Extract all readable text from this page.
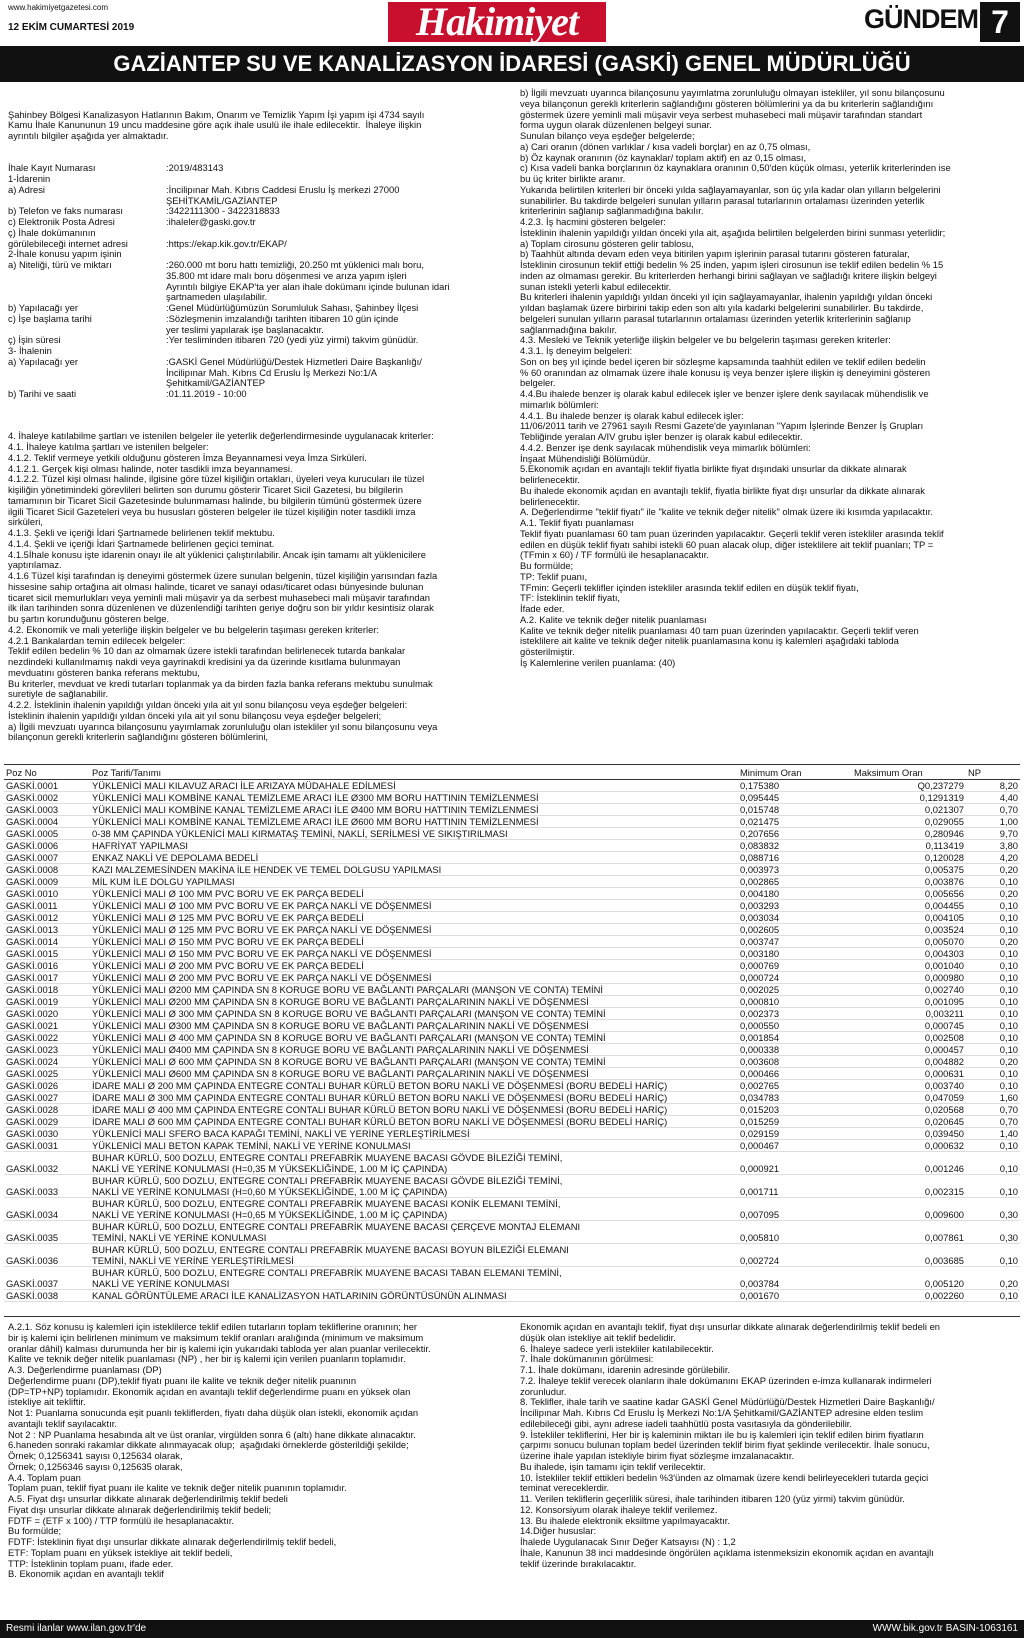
www.hakimiyetgazetesi.com
12 EKİM CUMARTESİ 2019	Hakimiyet	GÜNDEM 7
GAZİANTEP SU VE KANALİZASYON İDARESİ (GASKİ) GENEL MÜDÜRLÜĞÜ

Şahinbey Bölgesi Kanalizasyon Hatlarının Bakım, Onarım ve Temizlik Yapım İşi yapım işi 4734 sayılı
Kamu İhale Kanununun 19 uncu maddesine göre açık ihale usulü ile ihale edilecektir.  İhaleye ilişkin
ayrıntılı bilgiler aşağıda yer almaktadır.

İhale Kayıt Numarası	:2019/483143
1-İdarenin
a) Adresi	:İncilipınar Mah. Kıbrıs Caddesi Eruslu İş merkezi 27000
ŞEHİTKAMİL/GAZİANTEP
b) Telefon ve faks numarası	:3422111300 - 3422318833
c) Elektronik Posta Adresi	:ihaleler@gaski.gov.tr
ç) İhale dokümanının
görülebileceği internet adresi	:https://ekap.kik.gov.tr/EKAP/
2-İhale konusu yapım işinin
a) Niteliği, türü ve miktarı	:260.000 mt boru hattı temizliği, 20.250 mt yüklenici malı boru,
35.800 mt idare malı boru döşenmesi ve arıza yapım işleri
Ayrıntılı bilgiye EKAP'ta yer alan ihale dokümanı içinde bulunan idari
şartnameden ulaşılabilir.
b) Yapılacağı yer	:Genel Müdürlüğümüzün Sorumluluk Sahası, Şahinbey İlçesi
c) İşe başlama tarihi	:Sözleşmenin imzalandığı tarihten itibaren 10 gün içinde
yer teslimi yapılarak işe başlanacaktır.
ç) İşin süresi	:Yer tesliminden itibaren 720 (yedi yüz yirmi) takvim günüdür.
3- İhalenin
a) Yapılacağı yer	:GASKİ Genel Müdürlüğü/Destek Hizmetleri Daire Başkanlığı/
İncilipınar Mah. Kıbrıs Cd Eruslu İş Merkezi No:1/A
Şehitkamil/GAZİANTEP
b) Tarihi ve saati	:01.11.2019 - 10:00

4. İhaleye katılabilme şartları ve istenilen belgeler ile yeterlik değerlendirmesinde uygulanacak kriterler:
4.1. İhaleye katılma şartları ve istenilen belgeler:
4.1.2. Teklif vermeye yetkili olduğunu gösteren İmza Beyannamesi veya İmza Sirküleri.
4.1.2.1. Gerçek kişi olması halinde, noter tasdikli imza beyannamesi.
4.1.2.2. Tüzel kişi olması halinde, ilgisine göre tüzel kişiliğin ortakları, üyeleri veya kurucuları ile tüzel
kişiliğin yönetimindeki görevlileri belirten son durumu gösterir Ticaret Sicil Gazetesi, bu bilgilerin
tamamının bir Ticaret Sicil Gazetesinde bulunmaması halinde, bu bilgilerin tümünü göstermek üzere
ilgili Ticaret Sicil Gazeteleri veya bu hususları gösteren belgeler ile tüzel kişiliğin noter tasdikli imza
sirküleri,
4.1.3. Şekli ve içeriği İdari Şartnamede belirlenen teklif mektubu.
4.1.4. Şekli ve içeriği İdari Şartnamede belirlenen geçici teminat.
4.1.5İhale konusu işte idarenin onayı ile alt yüklenici çalıştırılabilir. Ancak işin tamamı alt yüklenicilere
yaptırılamaz.
4.1.6 Tüzel kişi tarafından iş deneyimi göstermek üzere sunulan belgenin, tüzel kişiliğin yarısından fazla
hissesine sahip ortağına ait olması halinde, ticaret ve sanayi odası/ticaret odası bünyesinde bulunan
ticaret sicil memurlukları veya yeminli mali müşavir ya da serbest muhasebeci mali müşavir tarafından
ilk ilan tarihinden sonra düzenlenen ve düzenlendiği tarihten geriye doğru son bir yıldır kesintisiz olarak
bu şartın korunduğunu gösteren belge.
4.2. Ekonomik ve mali yeterliğe ilişkin belgeler ve bu belgelerin taşıması gereken kriterler:
4.2.1 Bankalardan temin edilecek belgeler:
Teklif edilen bedelin % 10 dan az olmamak üzere istekli tarafından belirlenecek tutarda bankalar
nezdindeki kullanılmamış nakdi veya gayrinakdi kredisini ya da üzerinde kısıtlama bulunmayan
mevduatını gösteren banka referans mektubu,
Bu kriterler, mevduat ve kredi tutarları toplanmak ya da birden fazla banka referans mektubu sunulmak
suretiyle de sağlanabilir.
4.2.2. İsteklinin ihalenin yapıldığı yıldan önceki yıla ait yıl sonu bilançosu veya eşdeğer belgeleri:
İsteklinin ihalenin yapıldığı yıldan önceki yıla ait yıl sonu bilançosu veya eşdeğer belgeleri;
a) İlgili mevzuatı uyarınca bilançosunu yayımlamak zorunluluğu olan istekliler yıl sonu bilançosunu veya
bilançonun gerekli kriterlerin sağlandığını gösteren bölümlerini,

b) İlgili mevzuatı uyarınca bilançosunu yayımlatma zorunluluğu olmayan istekliler, yıl sonu bilançosunu
veya bilançonun gerekli kriterlerin sağlandığını gösteren bölümlerini ya da bu kriterlerin sağlandığını
göstermek üzere yeminli mali müşavir veya serbest muhasebeci mali müşavir tarafından standart
forma uygun olarak düzenlenen belgeyi sunar.
Sunulan bilanço veya eşdeğer belgelerde;
a) Cari oranın (dönen varlıklar / kısa vadeli borçlar) en az 0,75 olması,
b) Öz kaynak oranının (öz kaynaklar/ toplam aktif) en az 0,15 olması,
c) Kısa vadeli banka borçlarının öz kaynaklara oranının 0,50'den küçük olması, yeterlik kriterlerinden ise
bu üç kriter birlikte aranır.
Yukarıda belirtilen kriterleri bir önceki yılda sağlayamayanlar, son üç yıla kadar olan yılların belgelerini
sunabilirler. Bu takdirde belgeleri sunulan yılların parasal tutarlarının ortalaması üzerinden yeterlik
kriterlerinin sağlanıp sağlanmadığına bakılır.
4.2.3. İş hacmini gösteren belgeler:
İsteklinin ihalenin yapıldığı yıldan önceki yıla ait, aşağıda belirtilen belgelerden birini sunması yeterlidir;
a) Toplam cirosunu gösteren gelir tablosu,
b) Taahhüt altında devam eden veya bitirilen yapım işlerinin parasal tutarını gösteren faturalar,
İsteklinin cirosunun teklif ettiği bedelin % 25 inden, yapım işleri cirosunun ise teklif edilen bedelin % 15
inden az olmaması gerekir. Bu kriterlerden herhangi birini sağlayan ve sağladığı kritere ilişkin belgeyi
sunan istekli yeterli kabul edilecektir.
Bu kriterleri ihalenin yapıldığı yıldan önceki yıl için sağlayamayanlar, ihalenin yapıldığı yıldan önceki
yıldan başlamak üzere birbirini takip eden son altı yıla kadarki belgelerini sunabilirler. Bu takdirde,
belgeleri sunulan yılların parasal tutarlarının ortalaması üzerinden yeterlik kriterlerinin sağlanıp
sağlanmadığına bakılır.
4.3. Mesleki ve Teknik yeterliğe ilişkin belgeler ve bu belgelerin taşıması gereken kriterler:
4.3.1. İş deneyim belgeleri:
Son on beş yıl içinde bedel içeren bir sözleşme kapsamında taahhüt edilen ve teklif edilen bedelin
% 60 oranından az olmamak üzere ihale konusu iş veya benzer işlere ilişkin iş deneyimini gösteren
belgeler.
4.4.Bu ihalede benzer iş olarak kabul edilecek işler ve benzer işlere denk sayılacak mühendislik ve
mimarlık bölümleri:
4.4.1. Bu ihalede benzer iş olarak kabul edilecek işler:
11/06/2011 tarih ve 27961 sayılı Resmi Gazete'de yayınlanan "Yapım İşlerinde Benzer İş Grupları
Tebliğinde yeralan A/IV grubu işler benzer iş olarak kabul edilecektir.
4.4.2. Benzer işe denk sayılacak mühendislik veya mimarlık bölümleri:
İnşaat Mühendisliği Bölümüdür.
5.Ekonomik açıdan en avantajlı teklif fiyatla birlikte fiyat dışındaki unsurlar da dikkate alınarak
belirlenecektir.
Bu ihalede ekonomik açıdan en avantajlı teklif, fiyatla birlikte fiyat dışı unsurlar da dikkate alınarak
belirlenecektir.
A. Değerlendirme "teklif fiyatı" ile "kalite ve teknik değer nitelik" olmak üzere iki kısımda yapılacaktır.
A.1. Teklif fiyatı puanlaması
Teklif fiyatı puanlaması 60 tam puan üzerinden yapılacaktır. Geçerli teklif veren istekliler arasında teklif
edilen en düşük teklif fiyatı sahibi istekli 60 puan alacak olup, diğer isteklilere ait teklif puanları; TP =
(TFmin x 60) / TF formülü ile hesaplanacaktır.
Bu formülde;
TP: Teklif puanı,
TFmin: Geçerli teklifler içinden istekliler arasında teklif edilen en düşük teklif fiyatı,
TF: İsteklinin teklif fiyatı,
İfade eder.
A.2. Kalite ve teknik değer nitelik puanlaması
Kalite ve teknik değer nitelik puanlaması 40 tam puan üzerinden yapılacaktır. Geçerli teklif veren
isteklilere ait kalite ve teknik değer nitelik puanlamasına konu iş kalemleri aşağıdaki tabloda
gösterilmiştir.
İş Kalemlerine verilen puanlama: (40)
Poz No	Poz Tarifi/Tanımı	Minimum Oran	Maksimum Oran	NP
GASKİ.0001	YÜKLENİCİ MALI KILAVUZ ARACI İLE ARIZAYA MÜDAHALE EDİLMESİ	0,175380	Q0,237279	8,20
GASKİ.0002	YÜKLENİCİ MALI KOMBİNE KANAL TEMİZLEME ARACI İLE Ø300 MM BORU HATTININ TEMİZLENMESİ	0,095445	0,1291319	4,40
GASKİ.0003	YÜKLENİCİ MALI KOMBİNE KANAL TEMİZLEME ARACI İLE Ø400 MM BORU HATTININ TEMİZLENMESİ	0,015748	0,021307	0,70
GASKİ.0004	YÜKLENİCİ MALI KOMBİNE KANAL TEMİZLEME ARACI İLE Ø600 MM BORU HATTININ TEMİZLENMESİ	0,021475	0,029055	1,00
GASKİ.0005	0-38 MM ÇAPINDA YÜKLENİCİ MALI KIRMATAŞ TEMİNİ, NAKLİ, SERİLMESİ VE SIKIŞTIRILMASI	0,207656	0,280946	9,70
GASKİ.0006	HAFRİYAT YAPILMASI	0,083832	0,113419	3,80
GASKİ.0007	ENKAZ NAKLİ VE DEPOLAMA BEDELİ	0,088716	0,120028	4,20
GASKİ.0008	KAZI MALZEMESİNDEN MAKİNA İLE HENDEK VE TEMEL DOLGUSU YAPILMASI	0,003973	0,005375	0,20
GASKİ.0009	MİL KUM İLE DOLGU YAPILMASI	0,002865	0,003876	0,10
GASKİ.0010	YÜKLENİCİ MALI Ø 100 MM PVC BORU VE EK PARÇA BEDELİ	0,004180	0,005656	0,20
GASKİ.0011	YÜKLENİCİ MALI Ø 100 MM PVC BORU VE EK PARÇA NAKLİ VE DÖŞENMESİ	0,003293	0,004455	0,10
GASKİ.0012	YÜKLENİCİ MALI Ø 125 MM PVC BORU VE EK PARÇA BEDELİ	0,003034	0,004105	0,10
GASKİ.0013	YÜKLENİCİ MALI Ø 125 MM PVC BORU VE EK PARÇA NAKLİ VE DÖŞENMESİ	0,002605	0,003524	0,10
GASKİ.0014	YÜKLENİCİ MALI Ø 150 MM PVC BORU VE EK PARÇA BEDELİ	0,003747	0,005070	0,20
GASKİ.0015	YÜKLENİCİ MALI Ø 150 MM PVC BORU VE EK PARÇA NAKLİ VE DÖŞENMESİ	0,003180	0,004303	0,10
GASKİ.0016	YÜKLENİCİ MALI Ø 200 MM PVC BORU VE EK PARÇA BEDELİ	0,000769	0,001040	0,10
GASKİ.0017	YÜKLENİCİ MALI Ø 200 MM PVC BORU VE EK PARÇA NAKLİ VE DÖŞENMESİ	0,000724	0,000980	0,10
GASKİ.0018	YÜKLENİCİ MALI Ø200 MM ÇAPINDA SN 8 KORUGE BORU VE BAĞLANTI PARÇALARI (MANŞON VE CONTA) TEMİNİ	0,002025	0,002740	0,10
GASKİ.0019	YÜKLENİCİ MALI Ø200 MM ÇAPINDA SN 8 KORUGE BORU VE BAĞLANTI PARÇALARININ NAKLİ VE DÖŞENMESİ	0,000810	0,001095	0,10
GASKİ.0020	YÜKLENİCİ MALI Ø 300 MM ÇAPINDA SN 8 KORUGE BORU VE BAĞLANTI PARÇALARI (MANŞON VE CONTA) TEMİNİ	0,002373	0,003211	0,10
GASKİ.0021	YÜKLENİCİ MALI Ø300 MM ÇAPINDA SN 8 KORUGE BORU VE BAĞLANTI PARÇALARININ NAKLİ VE DÖŞENMESİ	0,000550	0,000745	0,10
GASKİ.0022	YÜKLENİCİ MALI Ø 400 MM ÇAPINDA SN 8 KORUGE BORU VE BAĞLANTI PARÇALARI (MANŞON VE CONTA) TEMİNİ	0,001854	0,002508	0,10
GASKİ.0023	YÜKLENİCİ MALI Ø400 MM ÇAPINDA SN 8 KORUGE BORU VE BAĞLANTI PARÇALARININ NAKLİ VE DÖŞENMESİ	0,000338	0,000457	0,10
GASKİ.0024	YÜKLENİCİ MALI Ø 600 MM ÇAPINDA SN 8 KORUGE BORU VE BAĞLANTI PARÇALARI (MANŞON VE CONTA) TEMİNİ	0,003608	0,004882	0,20
GASKİ.0025	YÜKLENİCİ MALI Ø600 MM ÇAPINDA SN 8 KORUGE BORU VE BAĞLANTI PARÇALARININ NAKLİ VE DÖŞENMESİ	0,000466	0,000631	0,10
GASKİ.0026	İDARE MALI Ø 200 MM ÇAPINDA ENTEGRE CONTALI BUHAR KÜRLÜ BETON BORU NAKLİ VE DÖŞENMESİ (BORU BEDELİ HARİÇ)	0,002765	0,003740	0,10
GASKİ.0027	İDARE MALI Ø 300 MM ÇAPINDA ENTEGRE CONTALI BUHAR KÜRLÜ BETON BORU NAKLİ VE DÖŞENMESİ (BORU BEDELİ HARİÇ)	0,034783	0,047059	1,60
GASKİ.0028	İDARE MALI Ø 400 MM ÇAPINDA ENTEGRE CONTALI BUHAR KÜRLÜ BETON BORU NAKLİ VE DÖŞENMESİ (BORU BEDELİ HARİÇ)	0,015203	0,020568	0,70
GASKİ.0029	İDARE MALI Ø 600 MM ÇAPINDA ENTEGRE CONTALI BUHAR KÜRLÜ BETON BORU NAKLİ VE DÖŞENMESİ (BORU BEDELİ HARİÇ)	0,015259	0,020645	0,70
GASKİ.0030	YÜKLENİCİ MALI SFERO BACA KAPAĞI TEMİNİ, NAKLİ VE YERİNE YERLEŞTİRİLMESİ	0,029159	0,039450	1,40
GASKİ.0031	YÜKLENİCİ MALI BETON KAPAK TEMİNİ, NAKLİ VE YERİNE KONULMASI	0,000467	0,000632	0,10
GASKİ.0032	BUHAR KÜRLÜ, 500 DOZLU, ENTEGRE CONTALI PREFABRİK MUAYENE BACASI GÖVDE BİLEZİĞİ TEMİNİ,
NAKLİ VE YERİNE KONULMASI (H=0,35 M YÜKSEKLİĞİNDE, 1.00 M İÇ ÇAPINDA)	0,000921	0,001246	0,10
GASKİ.0033	BUHAR KÜRLÜ, 500 DOZLU, ENTEGRE CONTALI PREFABRİK MUAYENE BACASI GÖVDE BİLEZİĞİ TEMİNİ,
NAKLİ VE YERİNE KONULMASI (H=0,60 M YÜKSEKLİĞİNDE, 1.00 M İÇ ÇAPINDA)	0,001711	0,002315	0,10
GASKİ.0034	BUHAR KÜRLÜ, 500 DOZLU, ENTEGRE CONTALI PREFABRİK MUAYENE BACASI KONİK ELEMANI TEMİNİ,
NAKLİ VE YERİNE KONULMASI (H=0,65 M YÜKSEKLİĞİNDE, 1.00 M İÇ ÇAPINDA)	0,007095	0,009600	0,30
GASKİ.0035	BUHAR KÜRLÜ, 500 DOZLU, ENTEGRE CONTALI PREFABRİK MUAYENE BACASI ÇERÇEVE MONTAJ ELEMANI
TEMİNİ, NAKLİ VE YERİNE KONULMASI	0,005810	0,007861	0,30
GASKİ.0036	BUHAR KÜRLÜ, 500 DOZLU, ENTEGRE CONTALI PREFABRİK MUAYENE BACASI BOYUN BİLEZİĞİ ELEMANI
TEMİNİ, NAKLİ VE YERİNE YERLEŞTİRİLMESİ	0,002724	0,003685	0,10
GASKİ.0037	BUHAR KÜRLÜ, 500 DOZLU, ENTEGRE CONTALI PREFABRİK MUAYENE BACASI TABAN ELEMANI TEMİNİ,
NAKLİ VE YERİNE KONULMASI	0,003784	0,005120	0,20
GASKİ.0038	KANAL GÖRÜNTÜLEME ARACI İLE KANALİZASYON HATLARININ GÖRÜNTÜSÜNÜN ALINMASI	0,001670	0,002260	0,10
A.2.1. Söz konusu iş kalemleri için isteklilerce teklif edilen tutarların toplam tekliflerine oranının; her
bir iş kalemi için belirlenen minimum ve maksimum teklif oranları aralığında (minimum ve maksimum
oranlar dâhil) kalması durumunda her bir iş kalemi için yukarıdaki tabloda yer alan puanlar verilecektir.
Kalite ve teknik değer nitelik puanlaması (NP) , her bir iş kalemi için verilen puanların toplamıdır.
A.3. Değerlendirme puanlaması (DP)
Değerlendirme puanı (DP),teklif fiyatı puanı ile kalite ve teknik değer nitelik puanının
(DP=TP+NP) toplamıdır. Ekonomik açıdan en avantajlı teklif değerlendirme puanı en yüksek olan
istekliye ait tekliftir.
Not 1: Puanlama sonucunda eşit puanlı tekliflerden, fiyatı daha düşük olan istekli, ekonomik açıdan
avantajlı teklif sayılacaktır.
Not 2 : NP Puanlama hesabında alt ve üst oranlar, virgülden sonra 6 (altı) hane dikkate alınacaktır.
6.haneden sonraki rakamlar dikkate alınmayacak olup;  aşağıdaki örneklerde gösterildiği şekilde;
Örnek; 0,1256341 sayısı 0,125634 olarak,
Örnek; 0,1256346 sayısı 0,125635 olarak,
A.4. Toplam puan
Toplam puan, teklif fiyat puanı ile kalite ve teknik değer nitelik puanının toplamıdır.
A.5. Fiyat dışı unsurlar dikkate alınarak değerlendirilmiş teklif bedeli
Fiyat dışı unsurlar dikkate alınarak değerlendirilmiş teklif bedeli;
FDTF = (ETF x 100) / TTP formülü ile hesaplanacaktır.
Bu formülde;
FDTF: İsteklinin fiyat dışı unsurlar dikkate alınarak değerlendirilmiş teklif bedeli,
ETF: Toplam puanı en yüksek istekliye ait teklif bedeli,
TTP: İsteklinin toplam puanı, ifade eder.
B. Ekonomik açıdan en avantajlı teklif
Ekonomik açıdan en avantajlı teklif, fiyat dışı unsurlar dikkate alınarak değerlendirilmiş teklif bedeli en
düşük olan istekliye ait teklif bedelidir.
6. İhaleye sadece yerli istekliler katılabilecektir.
7. İhale dokümanının görülmesi:
7.1. İhale dokümanı, idarenin adresinde görülebilir.
7.2. İhaleye teklif verecek olanların ihale dokümanını EKAP üzerinden e-imza kullanarak indirmeleri
zorunludur.
8. Teklifler, ihale tarih ve saatine kadar GASKİ Genel Müdürlüğü/Destek Hizmetleri Daire Başkanlığı/
İncilipınar Mah. Kıbrıs Cd Eruslu İş Merkezi No:1/A Şehitkamil/GAZİANTEP adresine elden teslim
edilebileceği gibi, aynı adrese iadeli taahhütlü posta vasıtasıyla da gönderilebilir.
9. İstekliler tekliflerini, Her bir iş kaleminin miktarı ile bu iş kalemleri için teklif edilen birim fiyatların
çarpımı sonucu bulunan toplam bedel üzerinden teklif birim fiyat şeklinde verilecektir. İhale sonucu,
üzerine ihale yapılan istekliyle birim fiyat sözleşme imzalanacaktır.
Bu ihalede, işin tamamı için teklif verilecektir.
10. İstekliler teklif ettikleri bedelin %3'ünden az olmamak üzere kendi belirleyecekleri tutarda geçici
teminat vereceklerdir.
11. Verilen tekliflerin geçerlilik süresi, ihale tarihinden itibaren 120 (yüz yirmi) takvim günüdür.
12. Konsorsiyum olarak ihaleye teklif verilemez.
13. Bu ihalede elektronik eksiltme yapılmayacaktır.
14.Diğer hususlar:
İhalede Uygulanacak Sınır Değer Katsayısı (N) : 1,2
İhale, Kanunun 38 inci maddesinde öngörülen açıklama istenmeksizin ekonomik açıdan en avantajlı
teklif üzerinde bırakılacaktır.
Resmi ilanlar www.ilan.gov.tr'de	WWW.bik.gov.tr BASIN-1063161
